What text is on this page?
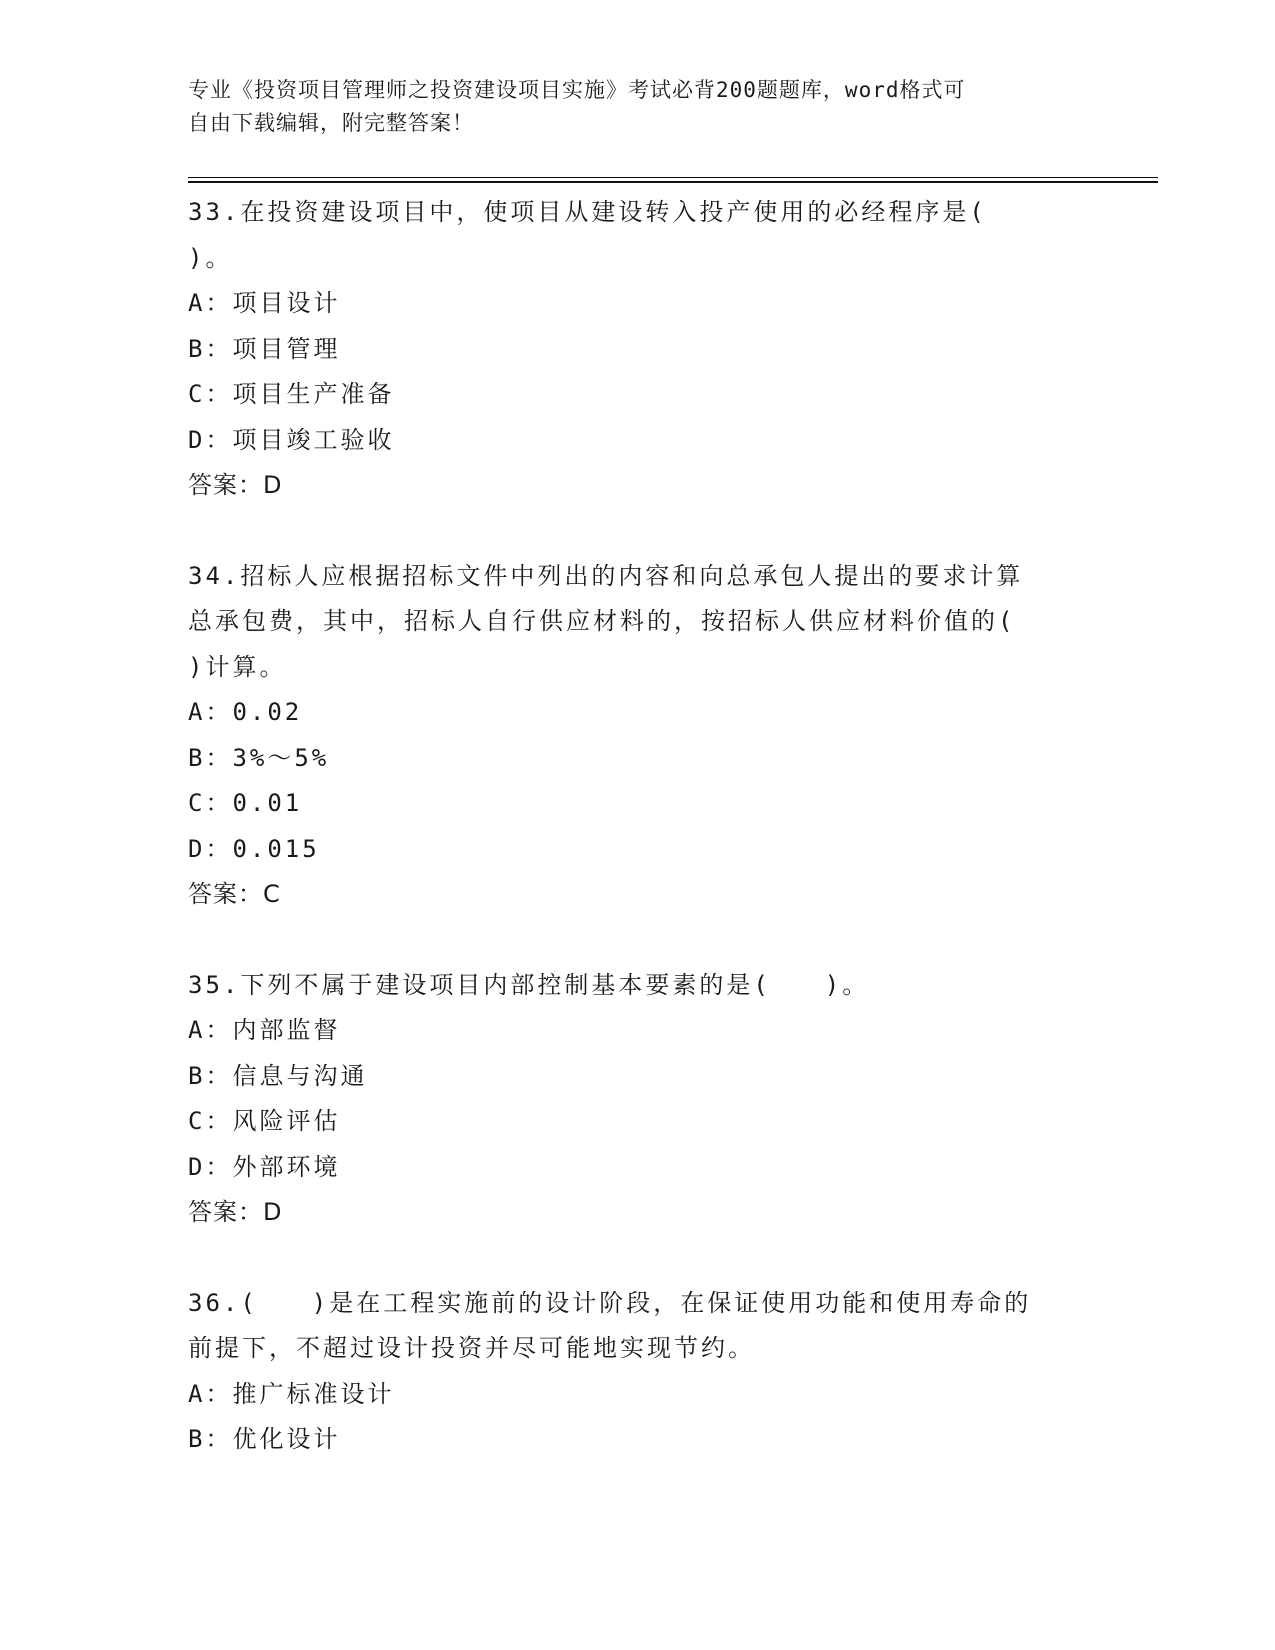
专业《投资项目管理师之投资建设项目实施》考试必背200题题库，word格式可
自由下载编辑，附完整答案！
33.在投资建设项目中，使项目从建设转入投产使用的必经程序是(
)。
A：项目设计
B：项目管理
C：项目生产准备
D：项目竣工验收
答案：D
34.招标人应根据招标文件中列出的内容和向总承包人提出的要求计算
总承包费，其中，招标人自行供应材料的，按招标人供应材料价值的(
)计算。
A：0.02
B：3%～5%
C：0.01
D：0.015
答案：C
35.下列不属于建设项目内部控制基本要素的是(　　)。
A：内部监督
B：信息与沟通
C：风险评估
D：外部环境
答案：D
36.(　　)是在工程实施前的设计阶段，在保证使用功能和使用寿命的
前提下，不超过设计投资并尽可能地实现节约。
A：推广标准设计
B：优化设计
